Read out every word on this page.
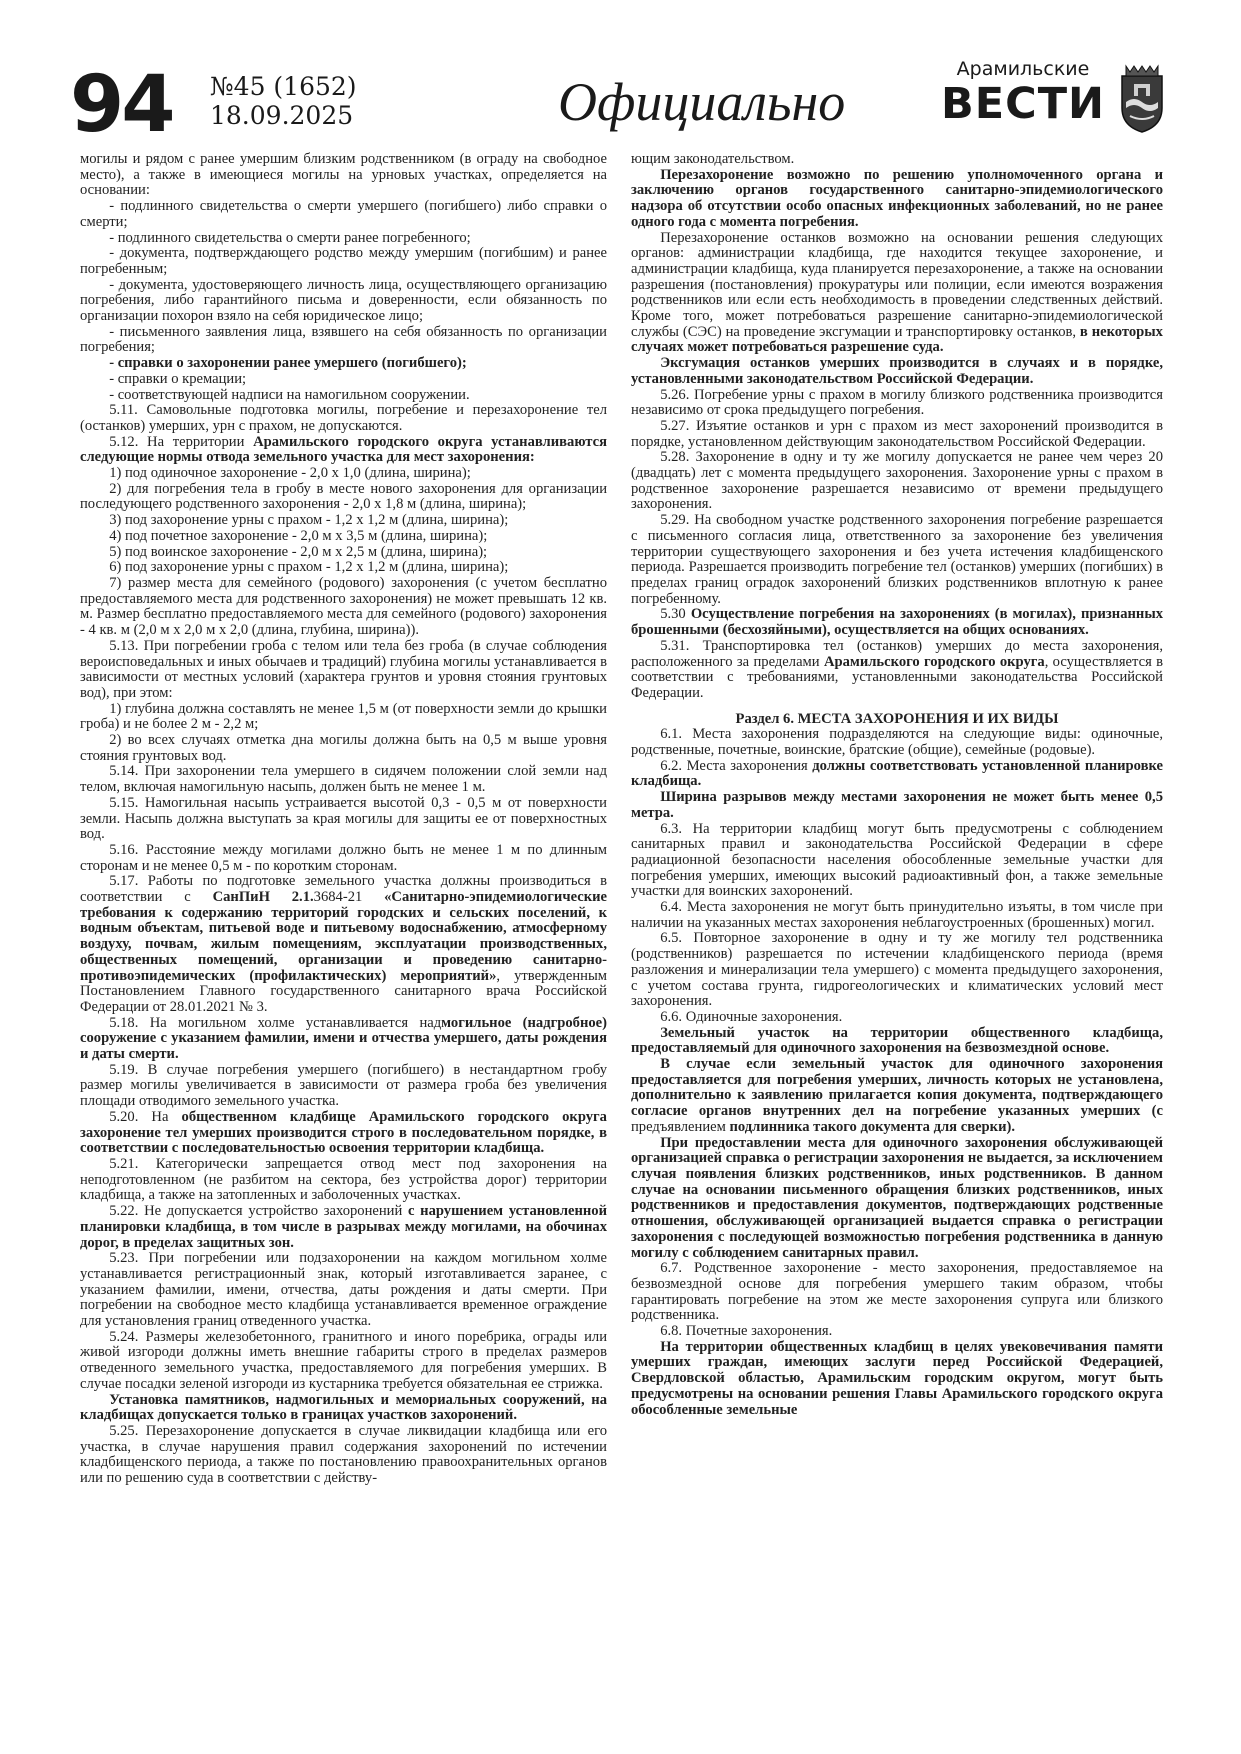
94 №45 (1652)
18.09.2025	Официально
Арамильские
ВЕСТИ

могилы и рядом с ранее умершим близким родственником (в ограду на свободное место), а также в имеющиеся могилы на урновых участках, определяется на основании:

- подлинного свидетельства о смерти умершего (погибшего) либо справки о смерти;

- подлинного свидетельства о смерти ранее погребенного;

- документа, подтверждающего родство между умершим (погибшим) и ранее погребенным;

- документа, удостоверяющего личность лица, осуществляющего организацию погребения, либо гарантийного письма и доверенности, если обязанность по организации похорон взяло на себя юридическое лицо;

- письменного заявления лица, взявшего на себя обязанность по организации погребения;

- справки о захоронении ранее умершего (погибшего);

- справки о кремации;

- соответствующей надписи на намогильном сооружении.

5.11. Самовольные подготовка могилы, погребение и перезахоронение тел (останков) умерших, урн с прахом, не допускаются.

5.12. На территории Арамильского городского округа устанавливаются следующие нормы отвода земельного участка для мест захоронения:

1) под одиночное захоронение - 2,0 х 1,0 (длина, ширина);

2) для погребения тела в гробу в месте нового захоронения для организации последующего родственного захоронения - 2,0 х 1,8 м (длина, ширина);

3) под захоронение урны с прахом - 1,2 х 1,2 м (длина, ширина);

4) под почетное захоронение - 2,0 м х 3,5 м (длина, ширина);

5) под воинское захоронение - 2,0 м х 2,5 м (длина, ширина);

6) под захоронение урны с прахом - 1,2 х 1,2 м (длина, ширина);

7) размер места для семейного (родового) захоронения (с учетом бесплатно предоставляемого места для родственного захоронения) не может превышать 12 кв. м. Размер бесплатно предоставляемого места для семейного (родового) захоронения - 4 кв. м (2,0 м х 2,0 м х 2,0 (длина, глубина, ширина)).

5.13. При погребении гроба с телом или тела без гроба (в случае соблюдения вероисповедальных и иных обычаев и традиций) глубина могилы устанавливается в зависимости от местных условий (характера грунтов и уровня стояния грунтовых вод), при этом:

1) глубина должна составлять не менее 1,5 м (от поверхности земли до крышки гроба) и не более 2 м - 2,2 м;

2) во всех случаях отметка дна могилы должна быть на 0,5 м выше уровня стояния грунтовых вод.

5.14. При захоронении тела умершего в сидячем положении слой земли над телом, включая намогильную насыпь, должен быть не менее 1 м.

5.15. Намогильная насыпь устраивается высотой 0,3 - 0,5 м от поверхности земли. Насыпь должна выступать за края могилы для защиты ее от поверхностных вод.

5.16. Расстояние между могилами должно быть не менее 1 м по длинным сторонам и не менее 0,5 м - по коротким сторонам.

5.17. Работы по подготовке земельного участка должны производиться в соответствии с СанПиН 2.1.3684-21 «Санитарно-эпидемиологические требования к содержанию территорий городских и сельских поселений, к водным объектам, питьевой воде и питьевому водоснабжению, атмосферному воздуху, почвам, жилым помещениям, эксплуатации производственных, общественных помещений, организации и проведению санитарно-противоэпидемических (профилактических) мероприятий», утвержденным Постановлением Главного государственного санитарного врача Российской Федерации от 28.01.2021 № 3.

5.18. На могильном холме устанавливается надмогильное (надгробное) сооружение с указанием фамилии, имени и отчества умершего, даты рождения и даты смерти.

5.19. В случае погребения умершего (погибшего) в нестандартном гробу размер могилы увеличивается в зависимости от размера гроба без увеличения площади отводимого земельного участка.

5.20. На общественном кладбище Арамильского городского округа захоронение тел умерших производится строго в последовательном порядке, в соответствии с последовательностью освоения территории кладбища.

5.21. Категорически запрещается отвод мест под захоронения на неподготовленном (не разбитом на сектора, без устройства дорог) территории кладбища, а также на затопленных и заболоченных участках.

5.22. Не допускается устройство захоронений с нарушением установленной планировки кладбища, в том числе в разрывах между могилами, на обочинах дорог, в пределах защитных зон.

5.23. При погребении или подзахоронении на каждом могильном холме устанавливается регистрационный знак, который изготавливается заранее, с указанием фамилии, имени, отчества, даты рождения и даты смерти. При погребении на свободное место кладбища устанавливается временное ограждение для установления границ отведенного участка.

5.24. Размеры железобетонного, гранитного и иного поребрика, ограды или живой изгороди должны иметь внешние габариты строго в пределах размеров отведенного земельного участка, предоставляемого для погребения умерших. В случае посадки зеленой изгороди из кустарника требуется обязательная ее стрижка.

Установка памятников, надмогильных и мемориальных сооружений, на кладбищах допускается только в границах участков захоронений.

5.25. Перезахоронение допускается в случае ликвидации кладбища или его участка, в случае нарушения правил содержания захоронений по истечении кладбищенского периода, а также по постановлению правоохранительных органов или по решению суда в соответствии с действу-

ющим законодательством.

Перезахоронение возможно по решению уполномоченного органа и заключению органов государственного санитарно-эпидемиологического надзора об отсутствии особо опасных инфекционных заболеваний, но не ранее одного года с момента погребения.

Перезахоронение останков возможно на основании решения следующих органов: администрации кладбища, где находится текущее захоронение, и администрации кладбища, куда планируется перезахоронение, а также на основании разрешения (постановления) прокуратуры или полиции, если имеются возражения родственников или если есть необходимость в проведении следственных действий. Кроме того, может потребоваться разрешение санитарно-эпидемиологической службы (СЭС) на проведение эксгумации и транспортировку останков, в некоторых случаях может потребоваться разрешение суда.

Эксгумация останков умерших производится в случаях и в порядке, установленными законодательством Российской Федерации.

5.26. Погребение урны с прахом в могилу близкого родственника производится независимо от срока предыдущего погребения.

5.27. Изъятие останков и урн с прахом из мест захоронений производится в порядке, установленном действующим законодательством Российской Федерации.

5.28. Захоронение в одну и ту же могилу допускается не ранее чем через 20 (двадцать) лет с момента предыдущего захоронения. Захоронение урны с прахом в родственное захоронение разрешается независимо от времени предыдущего захоронения.

5.29. На свободном участке родственного захоронения погребение разрешается с письменного согласия лица, ответственного за захоронение без увеличения территории существующего захоронения и без учета истечения кладбищенского периода. Разрешается производить погребение тел (останков) умерших (погибших) в пределах границ оградок захоронений близких родственников вплотную к ранее погребенному.

5.30 Осуществление погребения на захоронениях (в могилах), признанных брошенными (бесхозяйными), осуществляется на общих основаниях.

5.31. Транспортировка тел (останков) умерших до места захоронения, расположенного за пределами Арамильского городского округа, осуществляется в соответствии с требованиями, установленными законодательства Российской Федерации.

Раздел 6. МЕСТА ЗАХОРОНЕНИЯ И ИХ ВИДЫ

6.1. Места захоронения подразделяются на следующие виды: одиночные, родственные, почетные, воинские, братские (общие), семейные (родовые).

6.2. Места захоронения должны соответствовать установленной планировке кладбища.

Ширина разрывов между местами захоронения не может быть менее 0,5 метра.

6.3. На территории кладбищ могут быть предусмотрены с соблюдением санитарных правил и законодательства Российской Федерации в сфере радиационной безопасности населения обособленные земельные участки для погребения умерших, имеющих высокий радиоактивный фон, а также земельные участки для воинских захоронений.

6.4. Места захоронения не могут быть принудительно изъяты, в том числе при наличии на указанных местах захоронения неблагоустроенных (брошенных) могил.

6.5. Повторное захоронение в одну и ту же могилу тел родственника (родственников) разрешается по истечении кладбищенского периода (время разложения и минерализации тела умершего) с момента предыдущего захоронения, с учетом состава грунта, гидрогеологических и климатических условий мест захоронения.

6.6. Одиночные захоронения.

Земельный участок на территории общественного кладбища, предоставляемый для одиночного захоронения на безвозмездной основе.

В случае если земельный участок для одиночного захоронения предоставляется для погребения умерших, личность которых не установлена, дополнительно к заявлению прилагается копия документа, подтверждающего согласие органов внутренних дел на погребение указанных умерших (с предъявлением подлинника такого документа для сверки).

При предоставлении места для одиночного захоронения обслуживающей организацией справка о регистрации захоронения не выдается, за исключением случая появления близких родственников, иных родственников. В данном случае на основании письменного обращения близких родственников, иных родственников и предоставления документов, подтверждающих родственные отношения, обслуживающей организацией выдается справка о регистрации захоронения с последующей возможностью погребения родственника в данную могилу с соблюдением санитарных правил.

6.7. Родственное захоронение - место захоронения, предоставляемое на безвозмездной основе для погребения умершего таким образом, чтобы гарантировать погребение на этом же месте захоронения супруга или близкого родственника.

6.8. Почетные захоронения.

На территории общественных кладбищ в целях увековечивания памяти умерших граждан, имеющих заслуги перед Российской Федерацией, Свердловской областью, Арамильским городским округом, могут быть предусмотрены на основании решения Главы Арамильского городского округа обособленные земельные
